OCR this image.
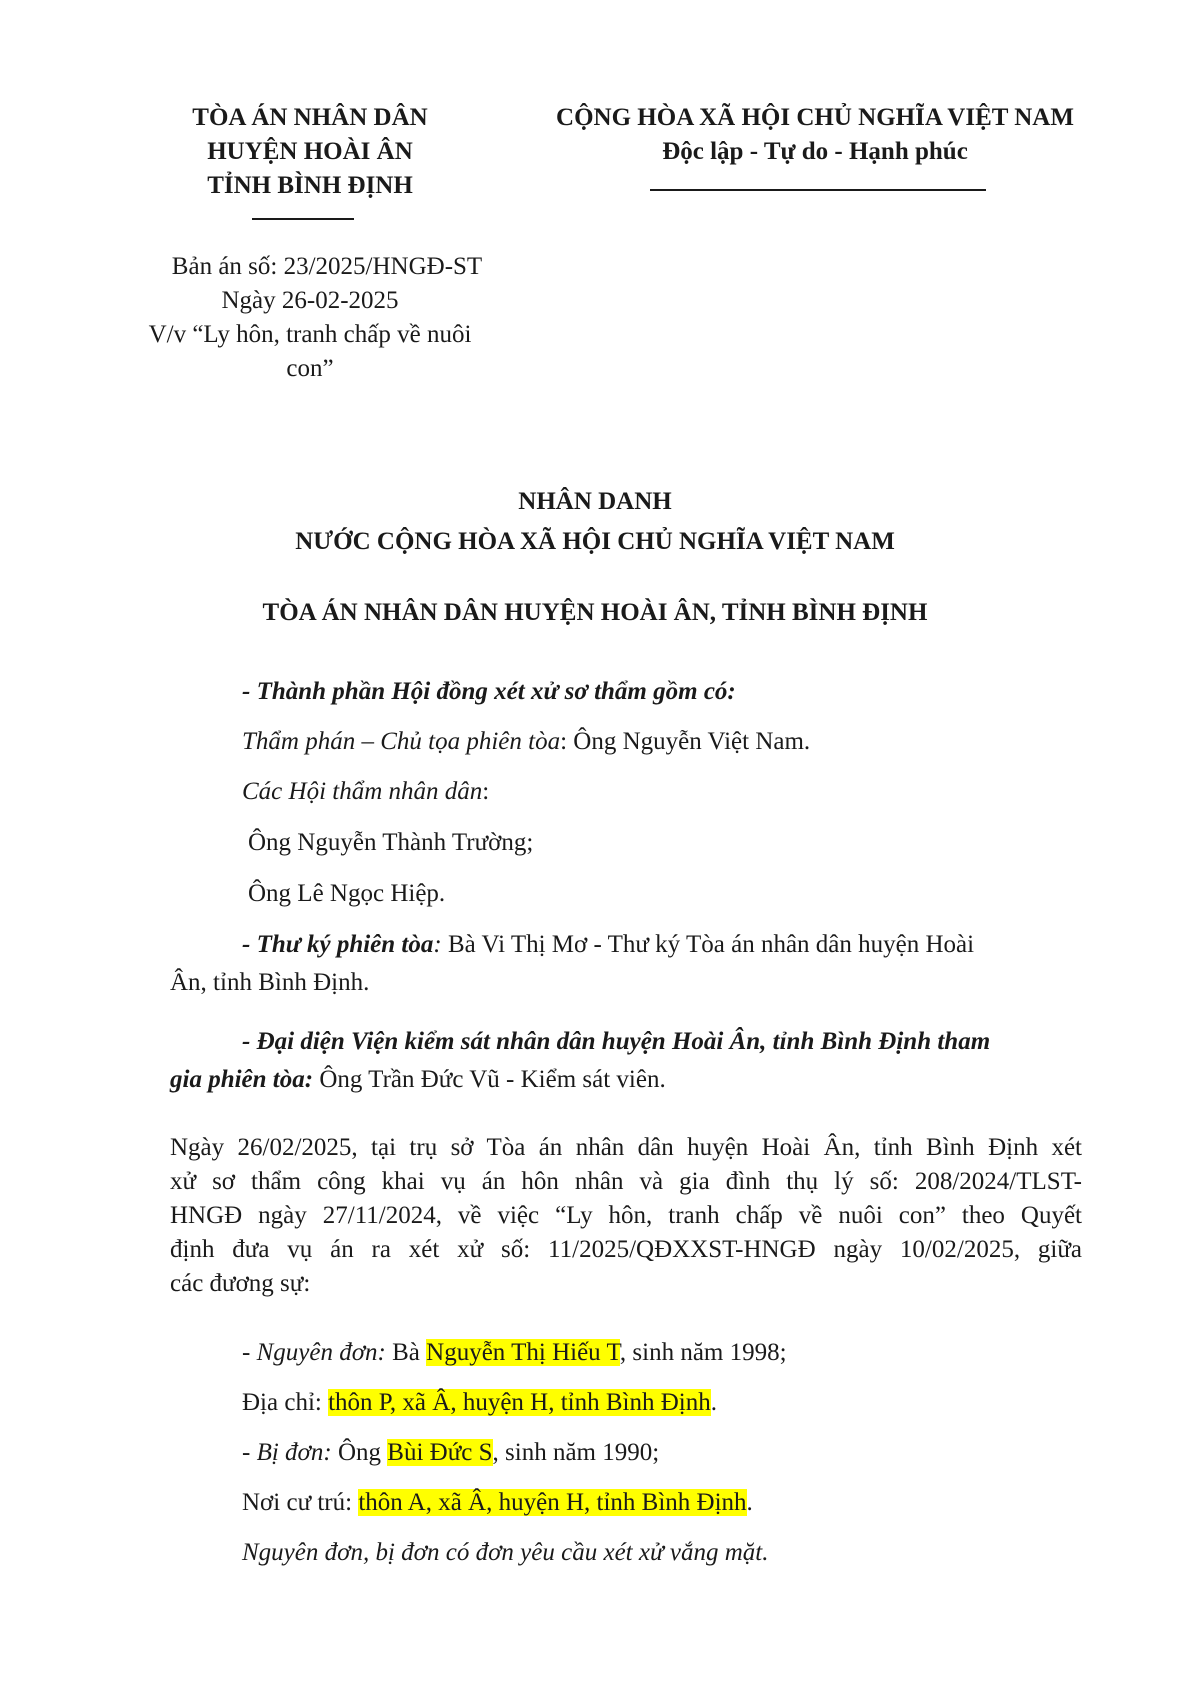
TÒA ÁN NHÂN DÂN
HUYỆN HOÀI ÂN
TỈNH BÌNH ĐỊNH
CỘNG HÒA XÃ HỘI CHỦ NGHĨA VIỆT NAM
Độc lập - Tự do - Hạnh phúc
Bản án số: 23/2025/HNGĐ-ST
Ngày 26-02-2025
V/v “Ly hôn, tranh chấp về nuôi
con”
NHÂN DANH
NƯỚC CỘNG HÒA XÃ HỘI CHỦ NGHĨA VIỆT NAM
TÒA ÁN NHÂN DÂN HUYỆN HOÀI ÂN, TỈNH BÌNH ĐỊNH
- Thành phần Hội đồng xét xử sơ thẩm gồm có:
Thẩm phán – Chủ tọa phiên tòa: Ông Nguyễn Việt Nam.
Các Hội thẩm nhân dân:
Ông Nguyễn Thành Trường;
Ông Lê Ngọc Hiệp.
- Thư ký phiên tòa: Bà Vi Thị Mơ - Thư ký Tòa án nhân dân huyện Hoài
Ân, tỉnh Bình Định.
- Đại diện Viện kiểm sát nhân dân huyện Hoài Ân, tỉnh Bình Định tham
gia phiên tòa: Ông Trần Đức Vũ - Kiểm sát viên.
Ngày 26/02/2025, tại trụ sở Tòa án nhân dân huyện Hoài Ân, tỉnh Bình Định xét
xử sơ thẩm công khai vụ án hôn nhân và gia đình thụ lý số: 208/2024/TLST-
HNGĐ ngày 27/11/2024, về việc “Ly hôn, tranh chấp về nuôi con” theo Quyết
định đưa vụ án ra xét xử số: 11/2025/QĐXXST-HNGĐ ngày 10/02/2025, giữa
các đương sự:
- Nguyên đơn: Bà Nguyễn Thị Hiếu T, sinh năm 1998;
Địa chỉ: thôn P, xã Â, huyện H, tỉnh Bình Định.
- Bị đơn: Ông Bùi Đức S, sinh năm 1990;
Nơi cư trú: thôn A, xã Â, huyện H, tỉnh Bình Định.
Nguyên đơn, bị đơn có đơn yêu cầu xét xử vắng mặt.
